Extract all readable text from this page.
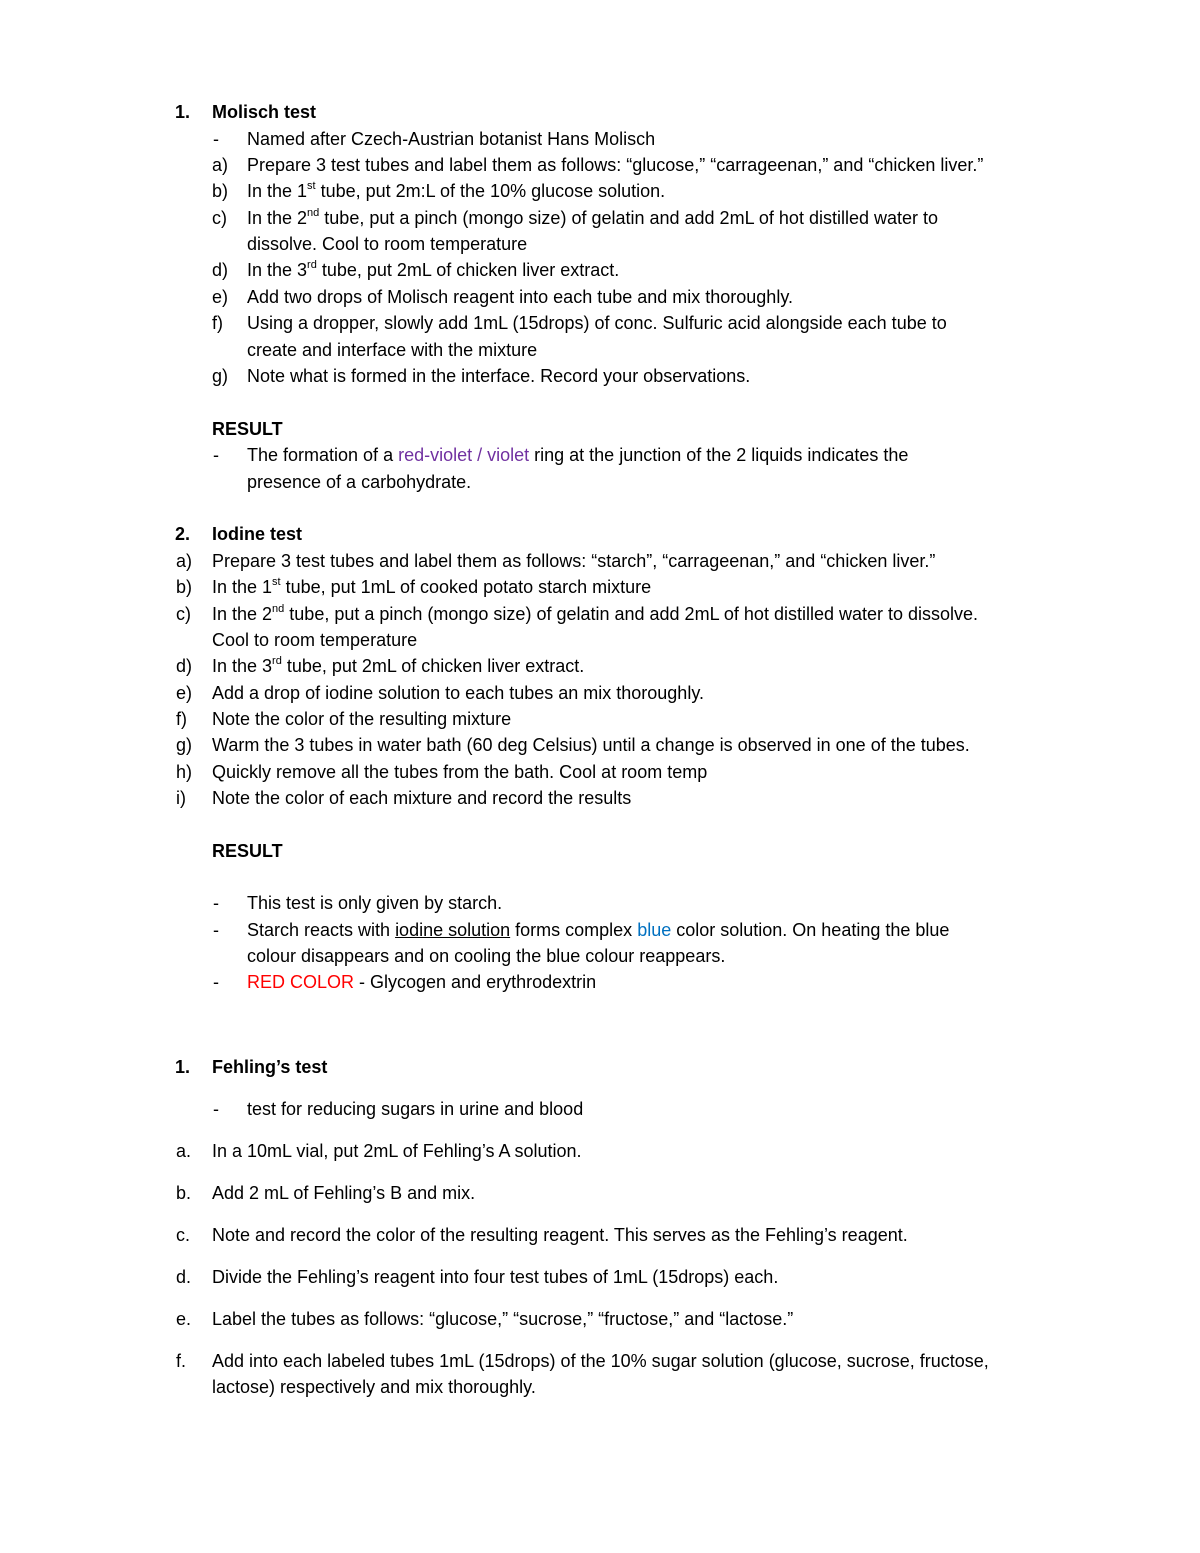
1. Molisch test
- Named after Czech-Austrian botanist Hans Molisch
a) Prepare 3 test tubes and label them as follows: “glucose,” “carrageenan,” and “chicken liver.”
b) In the 1st tube, put 2m:L of the 10% glucose solution.
c) In the 2nd tube, put a pinch (mongo size) of gelatin and add 2mL of hot distilled water to
dissolve. Cool to room temperature
d) In the 3rd tube, put 2mL of chicken liver extract.
e) Add two drops of Molisch reagent into each tube and mix thoroughly.
f) Using a dropper, slowly add 1mL (15drops) of conc. Sulfuric acid alongside each tube to
create and interface with the mixture
g) Note what is formed in the interface. Record your observations.
RESULT
- The formation of a red-violet / violet ring at the junction of the 2 liquids indicates the
presence of a carbohydrate.
2. Iodine test
a) Prepare 3 test tubes and label them as follows: “starch”, “carrageenan,” and “chicken liver.”
b) In the 1st tube, put 1mL of cooked potato starch mixture
c) In the 2nd tube, put a pinch (mongo size) of gelatin and add 2mL of hot distilled water to dissolve.
Cool to room temperature
d) In the 3rd tube, put 2mL of chicken liver extract.
e) Add a drop of iodine solution to each tubes an mix thoroughly.
f) Note the color of the resulting mixture
g) Warm the 3 tubes in water bath (60 deg Celsius) until a change is observed in one of the tubes.
h) Quickly remove all the tubes from the bath. Cool at room temp
i) Note the color of each mixture and record the results
RESULT
- This test is only given by starch.
- Starch reacts with iodine solution forms complex blue color solution. On heating the blue
colour disappears and on cooling the blue colour reappears.
- RED COLOR - Glycogen and erythrodextrin
1. Fehling’s test
- test for reducing sugars in urine and blood
a. In a 10mL vial, put 2mL of Fehling’s A solution.
b. Add 2 mL of Fehling’s B and mix.
c. Note and record the color of the resulting reagent. This serves as the Fehling’s reagent.
d. Divide the Fehling’s reagent into four test tubes of 1mL (15drops) each.
e. Label the tubes as follows: “glucose,” “sucrose,” “fructose,” and “lactose.”
f. Add into each labeled tubes 1mL (15drops) of the 10% sugar solution (glucose, sucrose, fructose,
lactose) respectively and mix thoroughly.
